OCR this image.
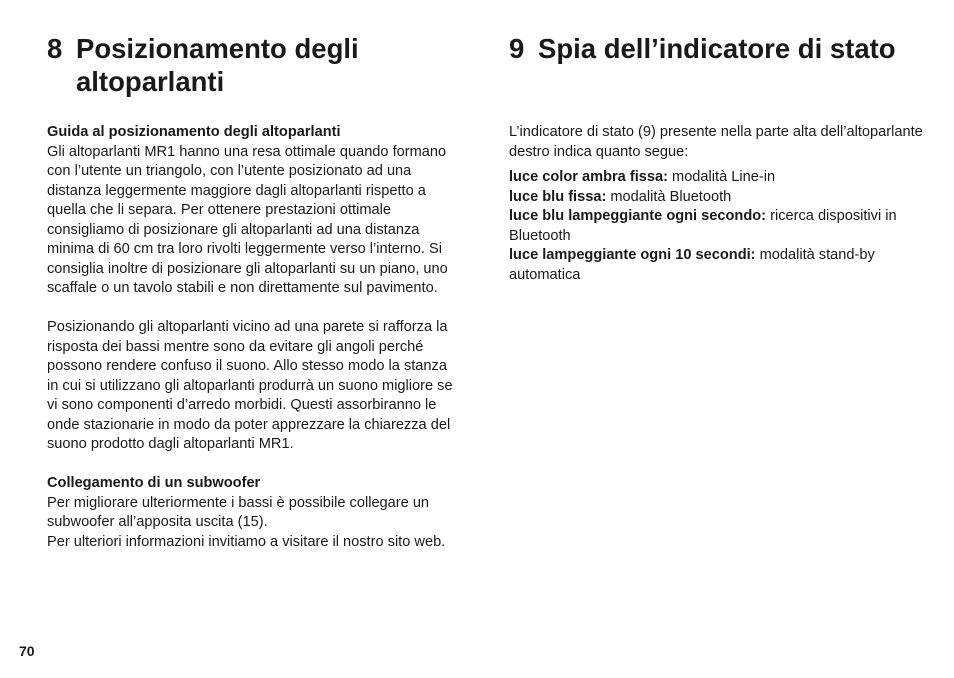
8 Posizionamento degli altoparlanti

Guida al posizionamento degli altoparlanti

Gli altoparlanti MR1 hanno una resa ottimale quando formano con l’utente un triangolo, con l’utente posizionato ad una distanza leggermente maggiore dagli altoparlanti rispetto a quella che li separa. Per ottenere prestazioni ottimale consigliamo di posizionare gli altoparlanti ad una distanza minima di 60 cm tra loro rivolti leggermente verso l’interno. Si consiglia inoltre di posizionare gli altoparlanti su un piano, uno scaffale o un tavolo stabili e non direttamente sul pavimento.

Posizionando gli altoparlanti vicino ad una parete si rafforza la risposta dei bassi mentre sono da evitare gli angoli perché possono rendere confuso il suono. Allo stesso modo la stanza in cui si utilizzano gli altoparlanti produrrà un suono migliore se vi sono componenti d’arredo morbidi. Questi assorbiranno le onde stazionarie in modo da poter apprezzare la chiarezza del suono prodotto dagli altoparlanti MR1.

Collegamento di un subwoofer

Per migliorare ulteriormente i bassi è possibile collegare un subwoofer all’apposita uscita (15).

Per ulteriori informazioni invitiamo a visitare il nostro sito web.

9 Spia dell’indicatore di stato

L’indicatore di stato (9) presente nella parte alta dell’altoparlante destro indica quanto segue:

luce color ambra fissa: modalità Line-in
luce blu fissa: modalità Bluetooth
luce blu lampeggiante ogni secondo: ricerca dispositivi in Bluetooth
luce lampeggiante ogni 10 secondi: modalità stand-by automatica
70
